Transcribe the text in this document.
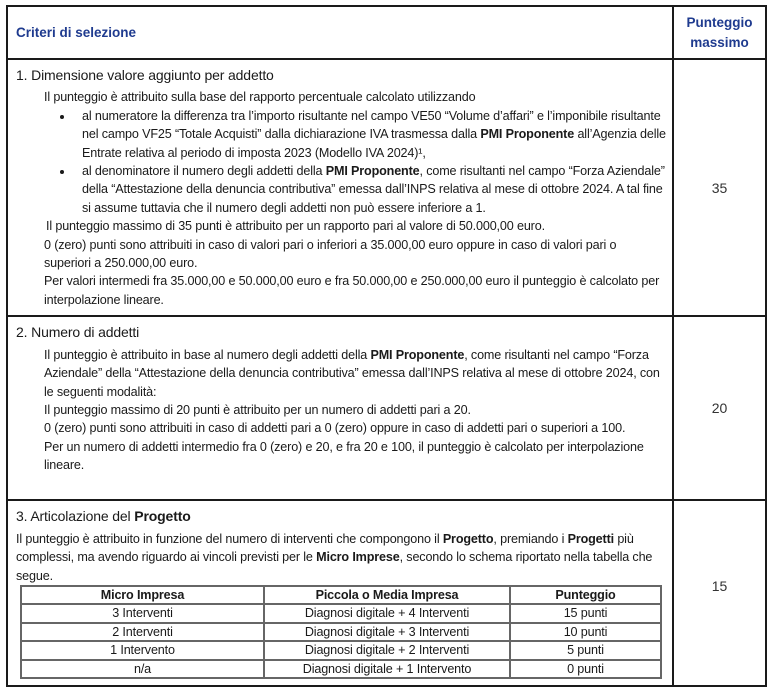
Criteri di selezione	
Punteggio
massimo

1. Dimensione valore aggiunto per addetto
Il punteggio è attribuito sulla base del rapporto percentuale calcolato utilizzando
• al numeratore la differenza tra l’importo risultante nel campo VE50 “Volume d’affari” e l’imponibile risultante nel campo VF25 “Totale Acquisti” dalla dichiarazione IVA trasmessa dalla PMI Proponente all’Agenzia delle Entrate relativa al periodo di imposta 2023 (Modello IVA 2024)¹,
• al denominatore il numero degli addetti della PMI Proponente, come risultanti nel campo “Forza Aziendale” della “Attestazione della denuncia contributiva” emessa dall’INPS relativa al mese di ottobre 2024. A tal fine si assume tuttavia che il numero degli addetti non può essere inferiore a 1.
Il punteggio massimo di 35 punti è attribuito per un rapporto pari al valore di 50.000,00 euro.
0 (zero) punti sono attribuiti in caso di valori pari o inferiori a 35.000,00 euro oppure in caso di valori pari o superiori a 250.000,00 euro.
Per valori intermedi fra 35.000,00 e 50.000,00 euro e fra 50.000,00 e 250.000,00 euro il punteggio è calcolato per interpolazione lineare.
	35

2. Numero di addetti
Il punteggio è attribuito in base al numero degli addetti della PMI Proponente, come risultanti nel campo “Forza Aziendale” della “Attestazione della denuncia contributiva” emessa dall’INPS relativa al mese di ottobre 2024, con le seguenti modalità:
Il punteggio massimo di 20 punti è attribuito per un numero di addetti pari a 20.
0 (zero) punti sono attribuiti in caso di addetti pari a 0 (zero) oppure in caso di addetti pari o superiori a 100.
Per un numero di addetti intermedio fra 0 (zero) e 20, e fra 20 e 100, il punteggio è calcolato per interpolazione lineare.
	20

3. Articolazione del Progetto
Il punteggio è attribuito in funzione del numero di interventi che compongono il Progetto, premiando i Progetti più complessi, ma avendo riguardo ai vincoli previsti per le Micro Imprese, secondo lo schema riportato nella tabella che segue.
Micro Impresa	Piccola o Media Impresa	Punteggio
3 Interventi	Diagnosi digitale + 4 Interventi	15 punti
2 Interventi	Diagnosi digitale + 3 Interventi	10 punti
1 Intervento	Diagnosi digitale + 2 Interventi	5 punti
n/a	Diagnosi digitale + 1 Intervento	0 punti
	15
